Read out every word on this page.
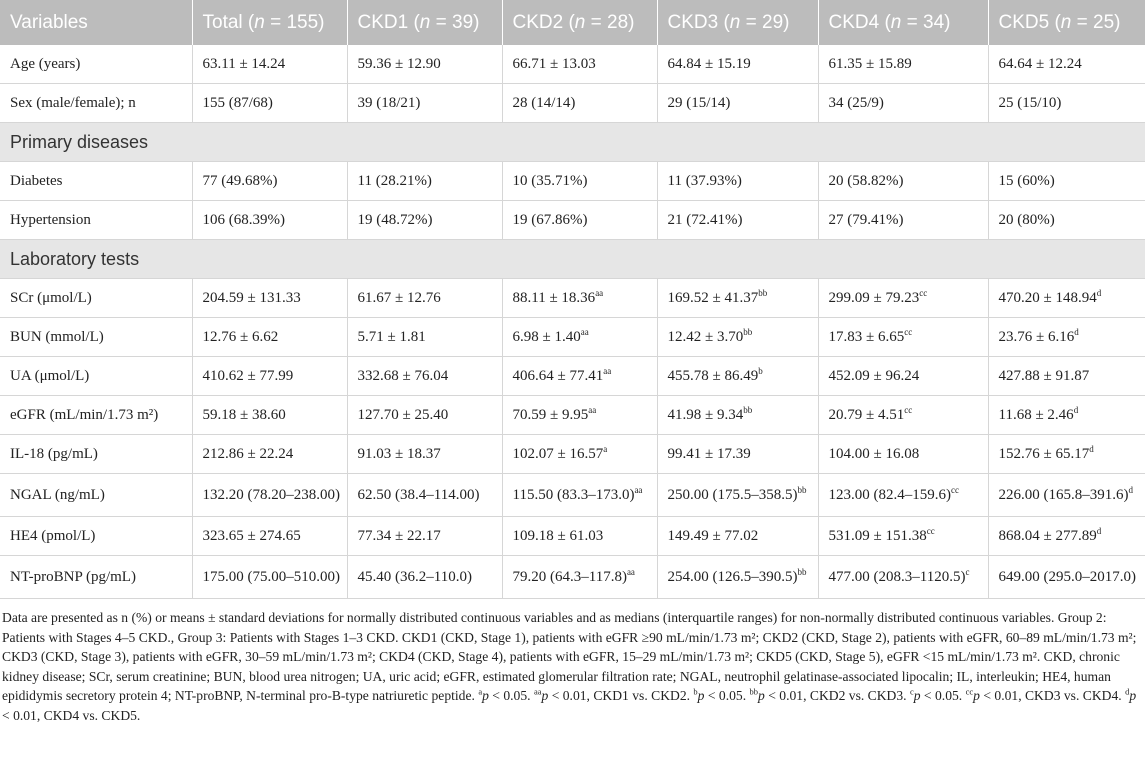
Variables	Total (n = 155)	CKD1 (n = 39)	CKD2 (n = 28)	CKD3 (n = 29)	CKD4 (n = 34)	CKD5 (n = 25)
Age (years)	63.11 ± 14.24	59.36 ± 12.90	66.71 ± 13.03	64.84 ± 15.19	61.35 ± 15.89	64.64 ± 12.24
Sex (male/female); n	155 (87/68)	39 (18/21)	28 (14/14)	29 (15/14)	34 (25/9)	25 (15/10)
Primary diseases						
Diabetes	77 (49.68%)	11 (28.21%)	10 (35.71%)	11 (37.93%)	20 (58.82%)	15 (60%)
Hypertension	106 (68.39%)	19 (48.72%)	19 (67.86%)	21 (72.41%)	27 (79.41%)	20 (80%)
Laboratory tests						
SCr (μmol/L)	204.59 ± 131.33	61.67 ± 12.76	88.11 ± 18.36$^{aa}$	169.52 ± 41.37$^{bb}$	299.09 ± 79.23$^{cc}$	470.20 ± 148.94$^d$
BUN (mmol/L)	12.76 ± 6.62	5.71 ± 1.81	6.98 ± 1.40$^{aa}$	12.42 ± 3.70$^{bb}$	17.83 ± 6.65$^{cc}$	23.76 ± 6.16$^d$
UA (μmol/L)	410.62 ± 77.99	332.68 ± 76.04	406.64 ± 77.41$^{aa}$	455.78 ± 86.49$^b$	452.09 ± 96.24	427.88 ± 91.87
eGFR (mL/min/1.73 m²)	59.18 ± 38.60	127.70 ± 25.40	70.59 ± 9.95$^{aa}$	41.98 ± 9.34$^{bb}$	20.79 ± 4.51$^{cc}$	11.68 ± 2.46$^d$
IL-18 (pg/mL)	212.86 ± 22.24	91.03 ± 18.37	102.07 ± 16.57$^a$	99.41 ± 17.39	104.00 ± 16.08	152.76 ± 65.17$^d$
NGAL (ng/mL)	132.20 (78.20–238.00)	62.50 (38.4–114.00)	115.50 $(83.3-173.0)^{aa}$	250.00 $(175.5-358.5)^{bb}$	123.00 $(82.4-159.6)^{cc}$	226.00 $(165.8-391.6)^d$
HE4 (pmol/L)	323.65 ± 274.65	77.34 ± 22.17	109.18 ± 61.03	149.49 ± 77.02	531.09 ± 151.38$^{cc}$	868.04 ± 277.89$^d$
NT-proBNP (pg/mL)	175.00 (75.00–510.00)	45.40 (36.2–110.0)	79.20 $(64.3-117.8)^{aa}$	254.00 $(126.5-390.5)^{bb}$	477.00 $(208.3-1120.5)^c$	649.00 (295.0–2017.0)
Data are presented as n (%) or means ± standard deviations for normally distributed continuous variables and as medians (interquartile ranges) for non-normally distributed continuous variables. Group 2: Patients with Stages 4–5 CKD., Group 3: Patients with Stages 1–3 CKD. CKD1 (CKD, Stage 1), patients with eGFR ≥90 mL/min/1.73 m²; CKD2 (CKD, Stage 2), patients with eGFR, 60–89 mL/min/1.73 m²; CKD3 (CKD, Stage 3), patients with eGFR, 30–59 mL/min/1.73 m²; CKD4 (CKD, Stage 4), patients with eGFR, 15–29 mL/min/1.73 m²; CKD5 (CKD, Stage 5), eGFR <15 mL/min/1.73 m². CKD, chronic kidney disease; SCr, serum creatinine; BUN, blood urea nitrogen; UA, uric acid; eGFR, estimated glomerular filtration rate; NGAL, neutrophil gelatinase-associated lipocalin; IL, interleukin; HE4, human epididymis secretory protein 4; NT-proBNP, N-terminal pro-B-type natriuretic peptide. $^a$p < 0.05. $^{aa}$p < 0.01, CKD1 vs. CKD2. $^b$p < 0.05. $^{bb}$p < 0.01, CKD2 vs. CKD3. $^c$p < 0.05. $^{cc}$p < 0.01, CKD3 vs. CKD4. $^d$p < 0.01, CKD4 vs. CKD5.
